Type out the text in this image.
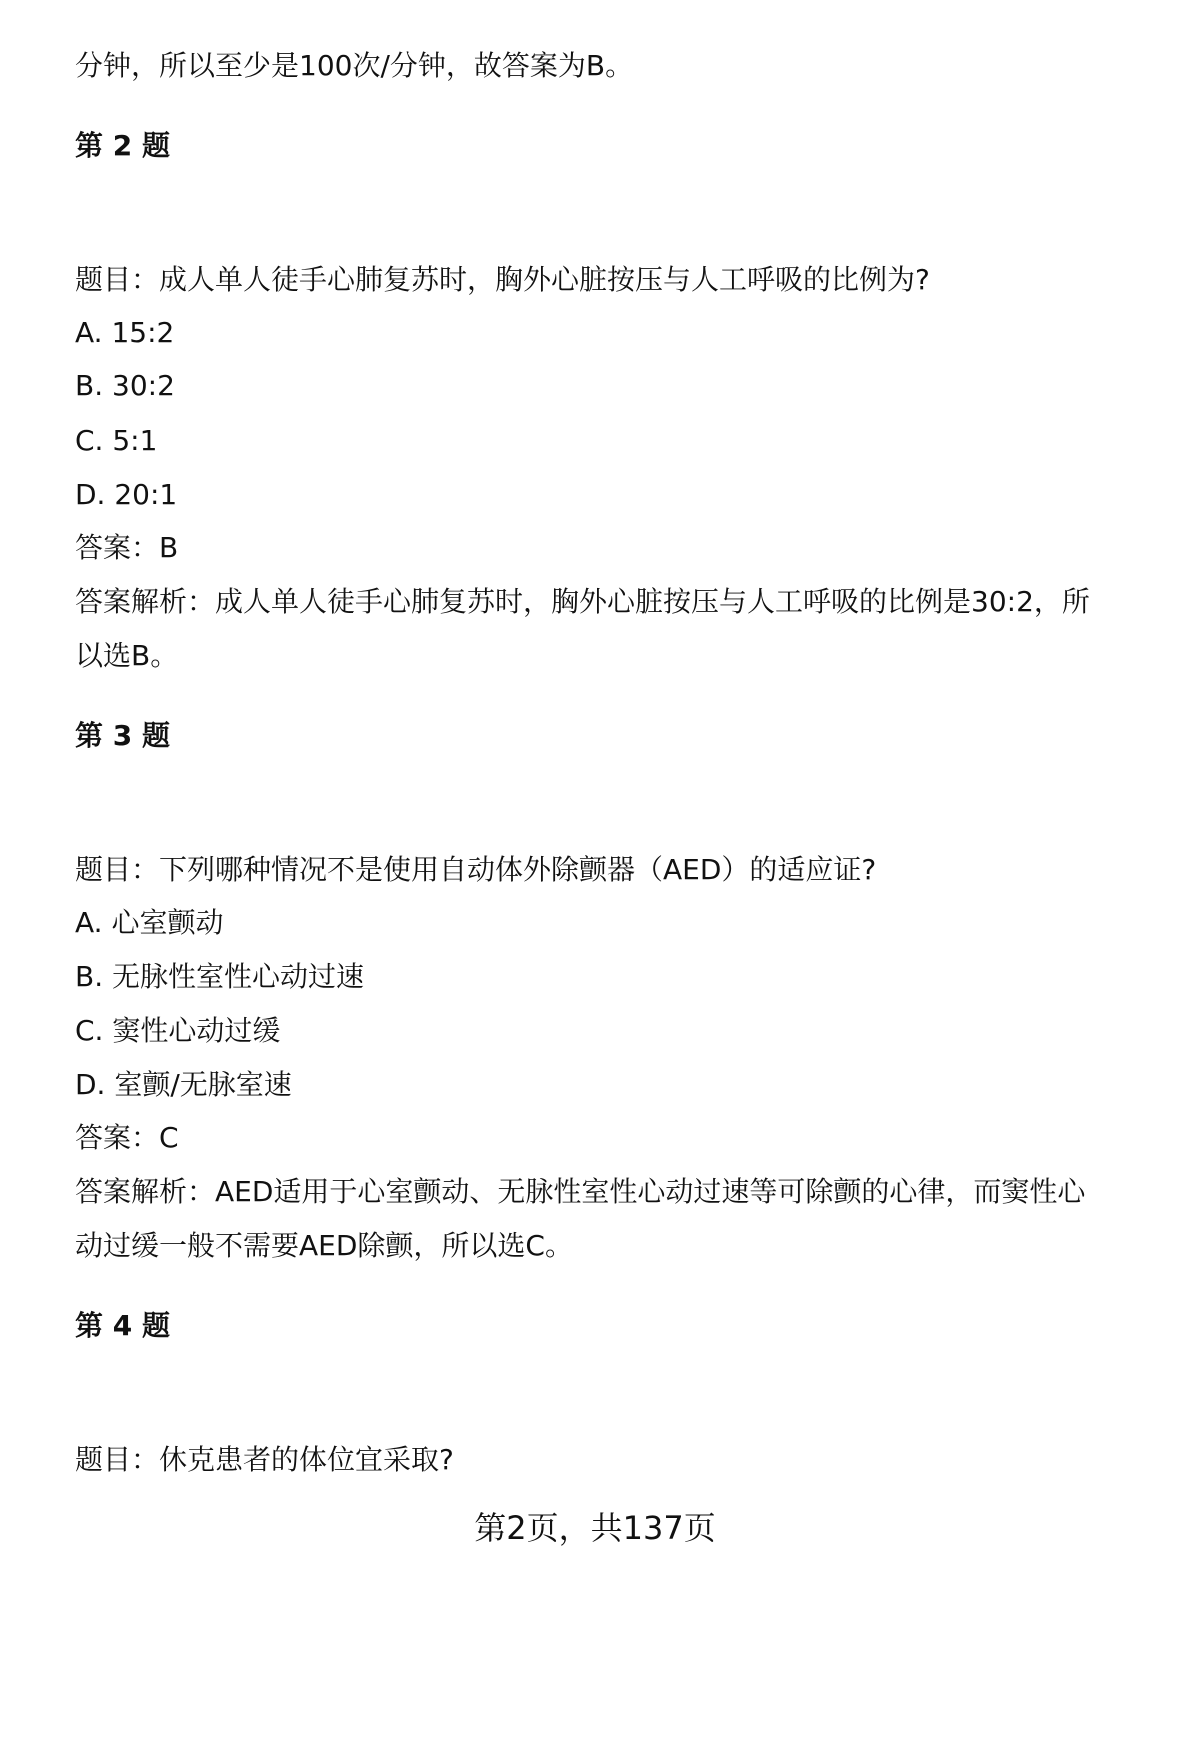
分钟，所以至少是100次/分钟，故答案为B。
第 2 题
题目：成人单人徒手心肺复苏时，胸外心脏按压与人工呼吸的比例为?
A. 15:2
B. 30:2
C. 5:1
D. 20:1
答案：B
答案解析：成人单人徒手心肺复苏时，胸外心脏按压与人工呼吸的比例是30:2，所
以选B。
第 3 题
题目：下列哪种情况不是使用自动体外除颤器（AED）的适应证?
A. 心室颤动
B. 无脉性室性心动过速
C. 窦性心动过缓
D. 室颤/无脉室速
答案：C
答案解析：AED适用于心室颤动、无脉性室性心动过速等可除颤的心律，而窦性心
动过缓一般不需要AED除颤，所以选C。
第 4 题
题目：休克患者的体位宜采取?
第2页，共137页
